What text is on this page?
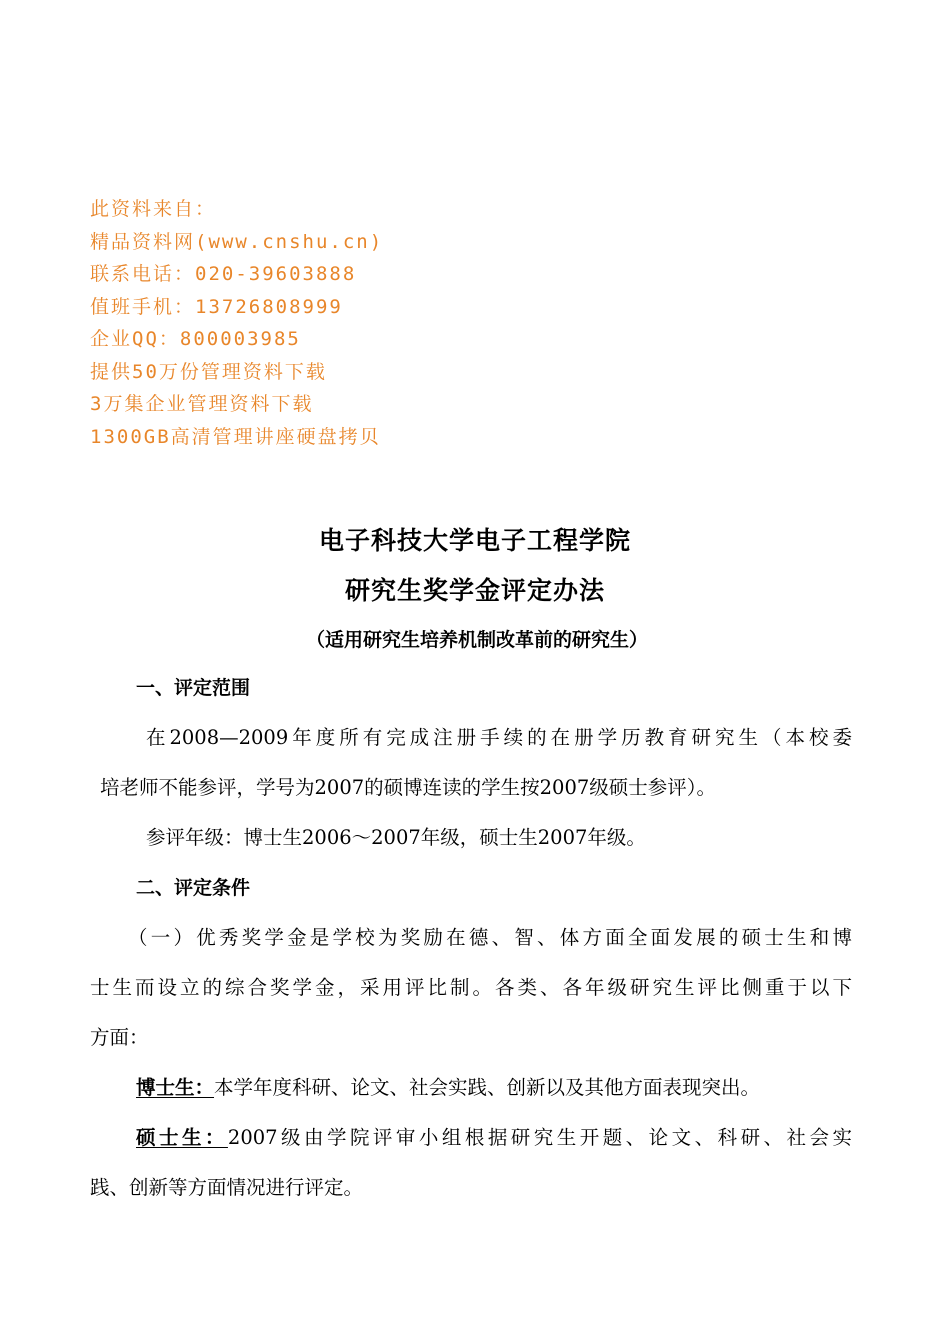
此资料来自：
精品资料网(www.cnshu.cn)
联系电话：020-39603888
值班手机：13726808999
企业QQ：800003985
提供50万份管理资料下载
3万集企业管理资料下载
1300GB高清管理讲座硬盘拷贝
电子科技大学电子工程学院
研究生奖学金评定办法
（适用研究生培养机制改革前的研究生）
一、评定范围
在2008—2009年度所有完成注册手续的在册学历教育研究生（本校委
培老师不能参评，学号为2007的硕博连读的学生按2007级硕士参评）。
参评年级：博士生2006～2007年级，硕士生2007年级。
二、评定条件
（一）优秀奖学金是学校为奖励在德、智、体方面全面发展的硕士生和博
士生而设立的综合奖学金，采用评比制。各类、各年级研究生评比侧重于以下
方面：
博士生：本学年度科研、论文、社会实践、创新以及其他方面表现突出。
硕士生：2007级由学院评审小组根据研究生开题、论文、科研、社会实
践、创新等方面情况进行评定。
